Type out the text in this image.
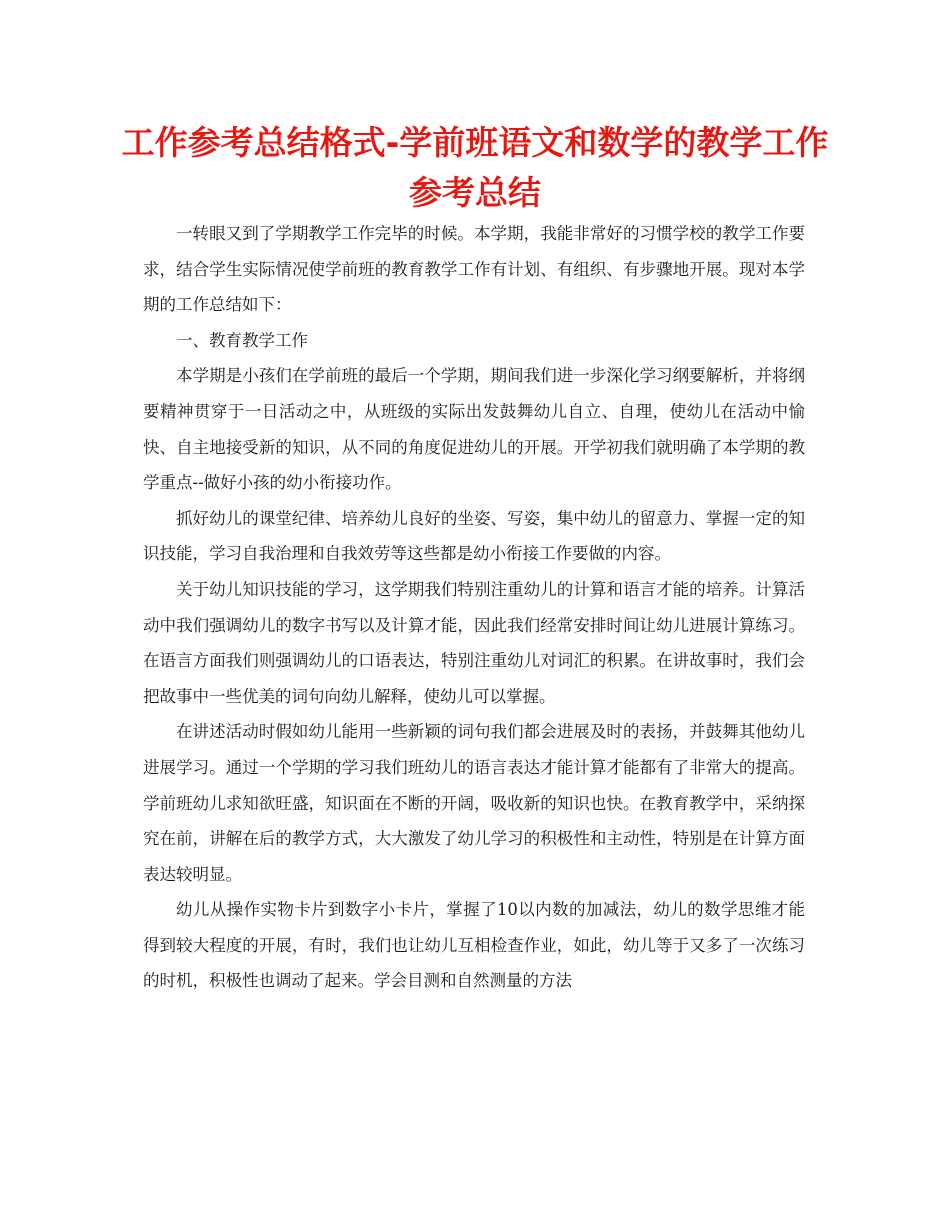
工作参考总结格式-学前班语文和数学的教学工作参考总结

一转眼又到了学期教学工作完毕的时候。本学期，我能非常好的习惯学校的教学工作要求，结合学生实际情况使学前班的教育教学工作有计划、有组织、有步骤地开展。现对本学期的工作总结如下：

一、教育教学工作

本学期是小孩们在学前班的最后一个学期，期间我们进一步深化学习纲要解析，并将纲要精神贯穿于一日活动之中，从班级的实际出发鼓舞幼儿自立、自理，使幼儿在活动中愉快、自主地接受新的知识，从不同的角度促进幼儿的开展。开学初我们就明确了本学期的教学重点--做好小孩的幼小衔接功作。

抓好幼儿的课堂纪律、培养幼儿良好的坐姿、写姿，集中幼儿的留意力、掌握一定的知识技能，学习自我治理和自我效劳等这些都是幼小衔接工作要做的内容。

关于幼儿知识技能的学习，这学期我们特别注重幼儿的计算和语言才能的培养。计算活动中我们强调幼儿的数字书写以及计算才能，因此我们经常安排时间让幼儿进展计算练习。在语言方面我们则强调幼儿的口语表达，特别注重幼儿对词汇的积累。在讲故事时，我们会把故事中一些优美的词句向幼儿解释，使幼儿可以掌握。

在讲述活动时假如幼儿能用一些新颖的词句我们都会进展及时的表扬，并鼓舞其他幼儿进展学习。通过一个学期的学习我们班幼儿的语言表达才能计算才能都有了非常大的提高。学前班幼儿求知欲旺盛，知识面在不断的开阔，吸收新的知识也快。在教育教学中，采纳探究在前，讲解在后的教学方式，大大激发了幼儿学习的积极性和主动性，特别是在计算方面表达较明显。

幼儿从操作实物卡片到数字小卡片，掌握了10以内数的加减法，幼儿的数学思维才能得到较大程度的开展，有时，我们也让幼儿互相检查作业，如此，幼儿等于又多了一次练习的时机，积极性也调动了起来。学会目测和自然测量的方法
